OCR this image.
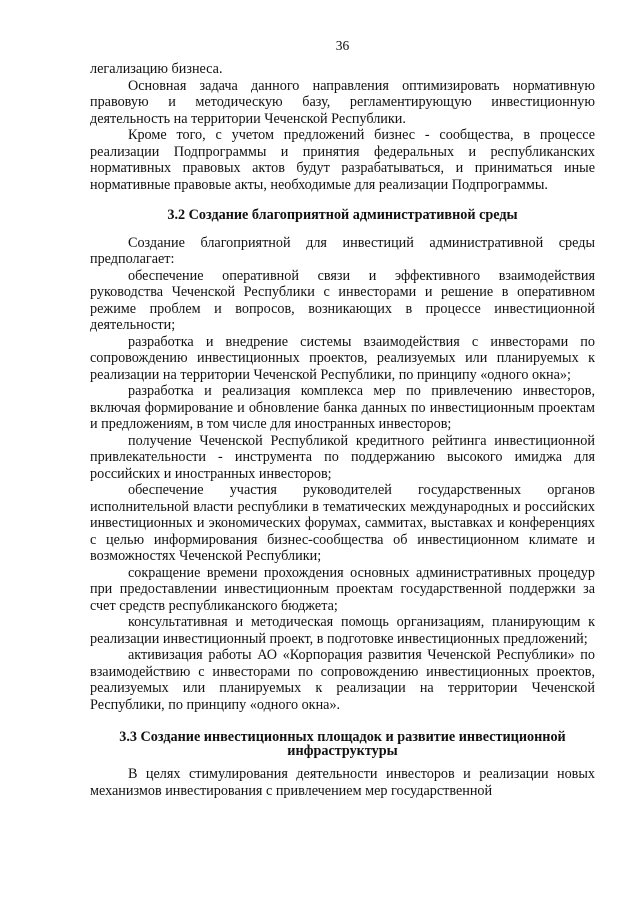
36

легализацию бизнеса.

Основная задача данного направления оптимизировать нормативную правовую и методическую базу, регламентирующую инвестиционную деятельность на территории Чеченской Республики.

Кроме того, с учетом предложений бизнес - сообщества, в процессе реализации Подпрограммы и принятия федеральных и республиканских нормативных правовых актов будут разрабатываться, и приниматься иные нормативные правовые акты, необходимые для реализации Подпрограммы.

3.2 Создание благоприятной административной среды

Создание благоприятной для инвестиций административной среды предполагает:

обеспечение оперативной связи и эффективного взаимодействия руководства Чеченской Республики с инвесторами и решение в оперативном режиме проблем и вопросов, возникающих в процессе инвестиционной деятельности;

разработка и внедрение системы взаимодействия с инвесторами по сопровождению инвестиционных проектов, реализуемых или планируемых к реализации на территории Чеченской Республики, по принципу «одного окна»;

разработка и реализация комплекса мер по привлечению инвесторов, включая формирование и обновление банка данных по инвестиционным проектам и предложениям, в том числе для иностранных инвесторов;

получение Чеченской Республикой кредитного рейтинга инвестиционной привлекательности - инструмента по поддержанию высокого имиджа для российских и иностранных инвесторов;

обеспечение участия руководителей государственных органов исполнительной власти республики в тематических международных и российских инвестиционных и экономических форумах, саммитах, выставках и конференциях с целью информирования бизнес-сообщества об инвестиционном климате и возможностях Чеченской Республики;

сокращение времени прохождения основных административных процедур при предоставлении инвестиционным проектам государственной поддержки за счет средств республиканского бюджета;

консультативная и методическая помощь организациям, планирующим к реализации инвестиционный проект, в подготовке инвестиционных предложений;

активизация работы АО «Корпорация развития Чеченской Республики» по взаимодействию с инвесторами по сопровождению инвестиционных проектов, реализуемых или планируемых к реализации на территории Чеченской Республики, по принципу «одного окна».

3.3 Создание инвестиционных площадок и развитие инвестиционной
инфраструктуры

В целях стимулирования деятельности инвесторов и реализации новых механизмов инвестирования с привлечением мер государственной
